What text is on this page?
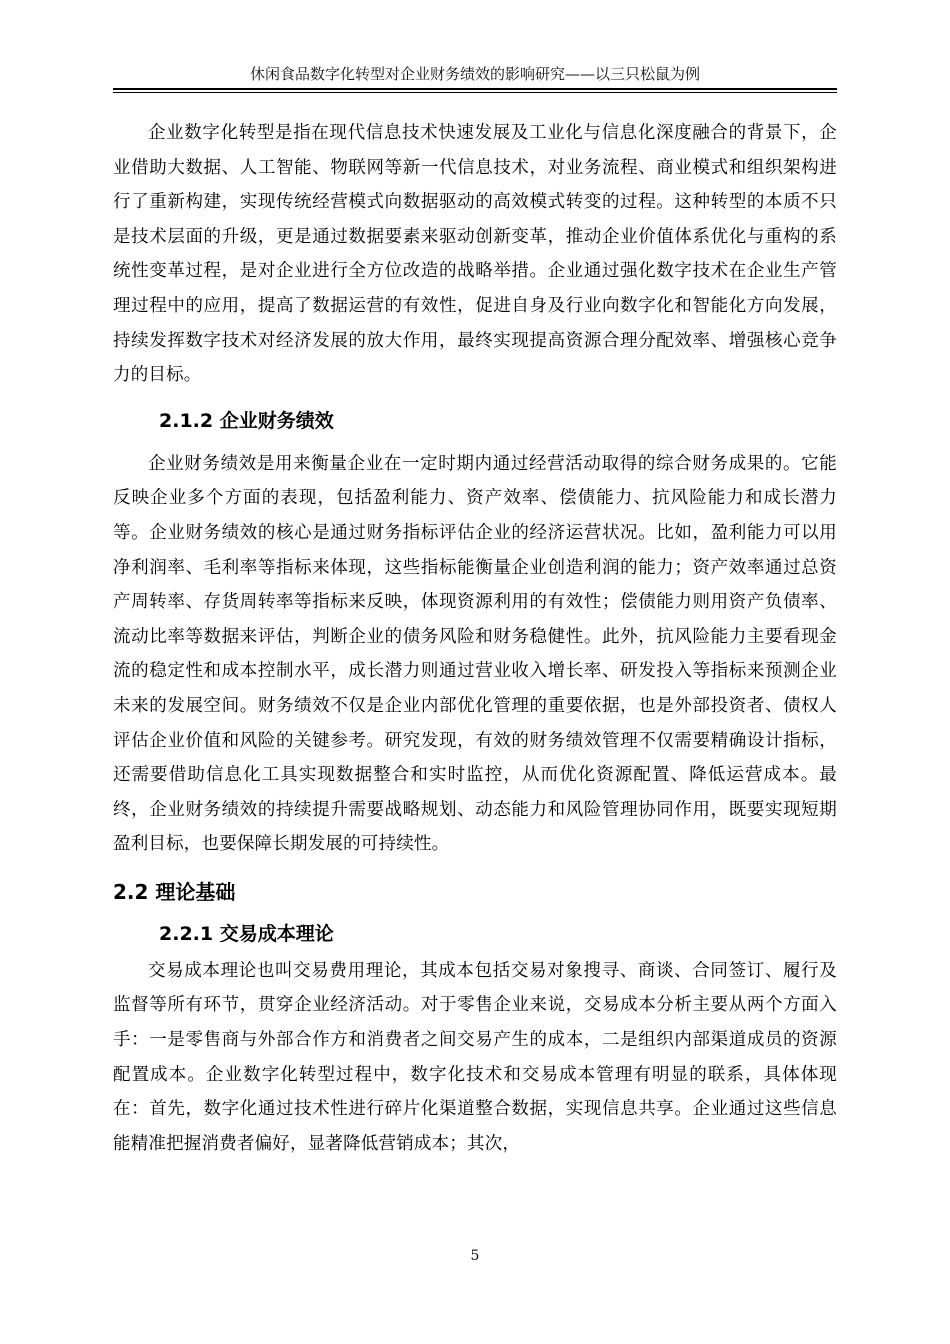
休闲食品数字化转型对企业财务绩效的影响研究——以三只松鼠为例

企业数字化转型是指在现代信息技术快速发展及工业化与信息化深度融合的背景下，企业借助大数据、人工智能、物联网等新一代信息技术，对业务流程、商业模式和组织架构进行了重新构建，实现传统经营模式向数据驱动的高效模式转变的过程。这种转型的本质不只是技术层面的升级，更是通过数据要素来驱动创新变革，推动企业价值体系优化与重构的系统性变革过程，是对企业进行全方位改造的战略举措。企业通过强化数字技术在企业生产管理过程中的应用，提高了数据运营的有效性，促进自身及行业向数字化和智能化方向发展，持续发挥数字技术对经济发展的放大作用，最终实现提高资源合理分配效率、增强核心竞争力的目标。

2.1.2 企业财务绩效

企业财务绩效是用来衡量企业在一定时期内通过经营活动取得的综合财务成果的。它能反映企业多个方面的表现，包括盈利能力、资产效率、偿债能力、抗风险能力和成长潜力等。企业财务绩效的核心是通过财务指标评估企业的经济运营状况。比如，盈利能力可以用净利润率、毛利率等指标来体现，这些指标能衡量企业创造利润的能力；资产效率通过总资产周转率、存货周转率等指标来反映，体现资源利用的有效性；偿债能力则用资产负债率、流动比率等数据来评估，判断企业的债务风险和财务稳健性。此外，抗风险能力主要看现金流的稳定性和成本控制水平，成长潜力则通过营业收入增长率、研发投入等指标来预测企业未来的发展空间。财务绩效不仅是企业内部优化管理的重要依据，也是外部投资者、债权人评估企业价值和风险的关键参考。研究发现，有效的财务绩效管理不仅需要精确设计指标，还需要借助信息化工具实现数据整合和实时监控，从而优化资源配置、降低运营成本。最终，企业财务绩效的持续提升需要战略规划、动态能力和风险管理协同作用，既要实现短期盈利目标，也要保障长期发展的可持续性。

2.2 理论基础
2.2.1 交易成本理论

交易成本理论也叫交易费用理论，其成本包括交易对象搜寻、商谈、合同签订、履行及监督等所有环节，贯穿企业经济活动。对于零售企业来说，交易成本分析主要从两个方面入手：一是零售商与外部合作方和消费者之间交易产生的成本，二是组织内部渠道成员的资源配置成本。企业数字化转型过程中，数字化技术和交易成本管理有明显的联系，具体体现在：首先，数字化通过技术性进行碎片化渠道整合数据，实现信息共享。企业通过这些信息能精准把握消费者偏好，显著降低营销成本；其次，

5
